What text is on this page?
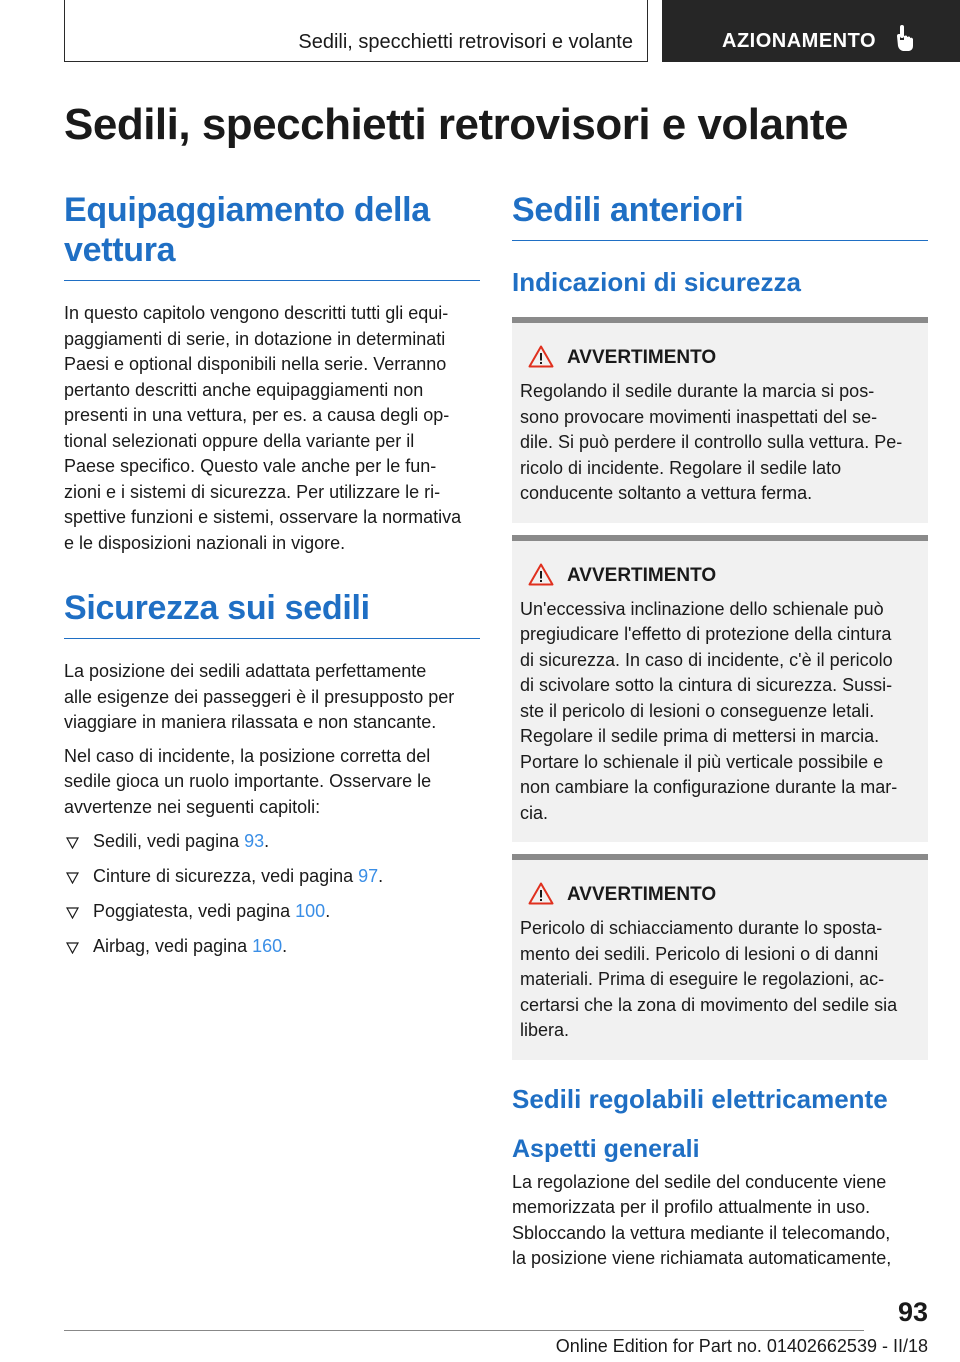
Sedili, specchietti retrovisori e volante	AZIONAMENTO
Sedili, specchietti retrovisori e volante
Equipaggiamento della
vettura

In questo capitolo vengono descritti tutti gli equi-
paggiamenti di serie, in dotazione in determinati
Paesi e optional disponibili nella serie. Verranno
pertanto descritti anche equipaggiamenti non
presenti in una vettura, per es. a causa degli op-
tional selezionati oppure della variante per il
Paese specifico. Questo vale anche per le fun-
zioni e i sistemi di sicurezza. Per utilizzare le ri-
spettive funzioni e sistemi, osservare la normativa
e le disposizioni nazionali in vigore.

Sicurezza sui sedili

La posizione dei sedili adattata perfettamente
alle esigenze dei passeggeri è il presupposto per
viaggiare in maniera rilassata e non stancante.

Nel caso di incidente, la posizione corretta del
sedile gioca un ruolo importante. Osservare le
avvertenze nei seguenti capitoli:

Sedili, vedi pagina 93.
Cinture di sicurezza, vedi pagina 97.
Poggiatesta, vedi pagina 100.
Airbag, vedi pagina 160.
Sedili anteriori
Indicazioni di sicurezza
AVVERTIMENTO

Regolando il sedile durante la marcia si pos-
sono provocare movimenti inaspettati del se-
dile. Si può perdere il controllo sulla vettura. Pe-
ricolo di incidente. Regolare il sedile lato
conducente soltanto a vettura ferma.

AVVERTIMENTO

Un'eccessiva inclinazione dello schienale può
pregiudicare l'effetto di protezione della cintura
di sicurezza. In caso di incidente, c'è il pericolo
di scivolare sotto la cintura di sicurezza. Sussi-
ste il pericolo di lesioni o conseguenze letali.
Regolare il sedile prima di mettersi in marcia.
Portare lo schienale il più verticale possibile e
non cambiare la configurazione durante la mar-
cia.

AVVERTIMENTO

Pericolo di schiacciamento durante lo sposta-
mento dei sedili. Pericolo di lesioni o di danni
materiali. Prima di eseguire le regolazioni, ac-
certarsi che la zona di movimento del sedile sia
libera.

Sedili regolabili elettricamente
Aspetti generali

La regolazione del sedile del conducente viene
memorizzata per il profilo attualmente in uso.
Sbloccando la vettura mediante il telecomando,
la posizione viene richiamata automaticamente,

93
Online Edition for Part no. 01402662539 - II/18
